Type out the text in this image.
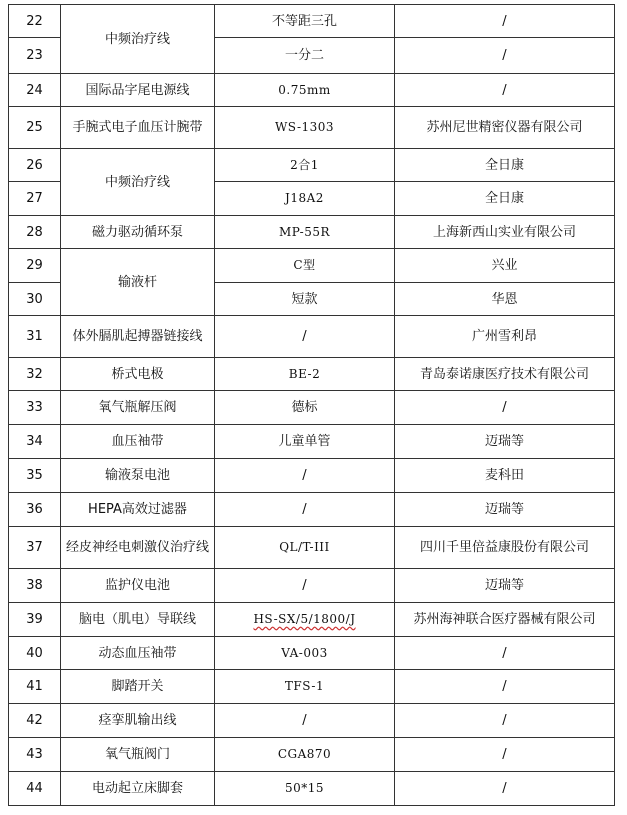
22	中频治疗线	不等距三孔	/
23		一分二	/
24	国际品字尾电源线	0.75mm	/
25	手腕式电子血压计腕带	WS-1303	苏州尼世精密仪器有限公司
26	中频治疗线	2合1	全日康
27		J18A2	全日康
28	磁力驱动循环泵	MP-55R	上海新西山实业有限公司
29	输液杆	C型	兴业
30		短款	华恩
31	体外膈肌起搏器链接线	/	广州雪利昂
32	桥式电极	BE-2	青岛泰诺康医疗技术有限公司
33	氧气瓶解压阀	德标	/
34	血压袖带	儿童单管	迈瑞等
35	输液泵电池	/	麦科田
36	HEPA高效过滤器	/	迈瑞等
37	经皮神经电刺激仪治疗线	QL/T-III	四川千里倍益康股份有限公司
38	监护仪电池	/	迈瑞等
39	脑电（肌电）导联线	HS-SX/5/1800/J	苏州海神联合医疗器械有限公司
40	动态血压袖带	VA-003	/
41	脚踏开关	TFS-1	/
42	痉挛肌输出线	/	/
43	氧气瓶阀门	CGA870	/
44	电动起立床脚套	50*15	/
